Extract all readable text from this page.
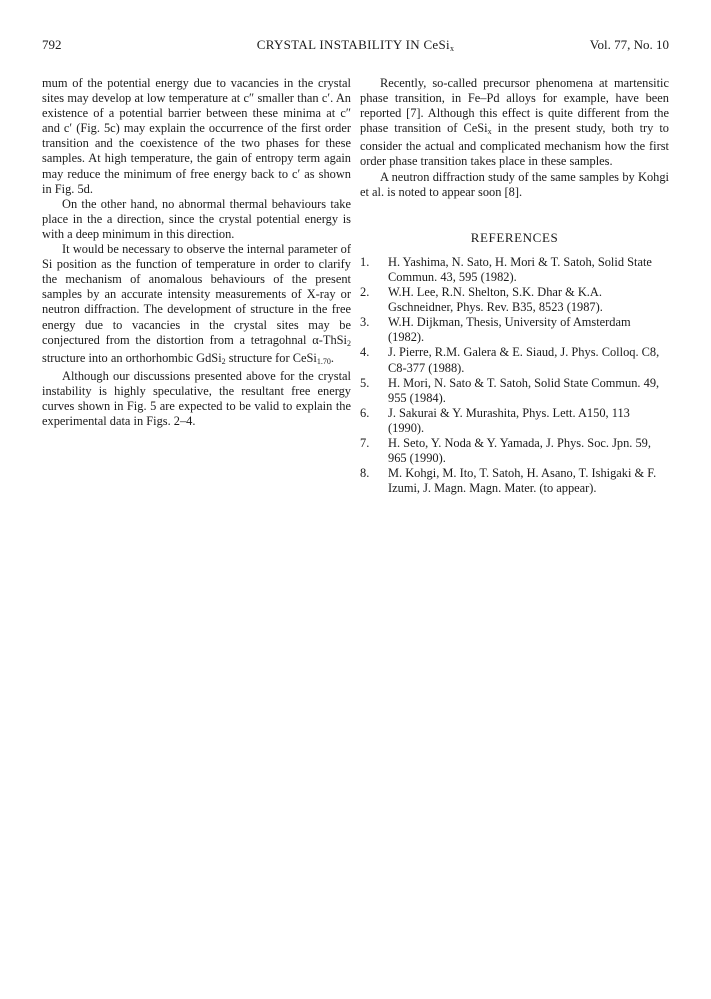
792	CRYSTAL INSTABILITY IN CeSi$_x$	Vol. 77, No. 10

mum of the potential energy due to vacancies in the crystal sites may develop at low temperature at c″ smaller than c′. An existence of a potential barrier between these minima at c″ and c′ (Fig. 5c) may explain the occurrence of the first order transition and the coexistence of the two phases for these samples. At high temperature, the gain of entropy term again may reduce the minimum of free energy back to c′ as shown in Fig. 5d.

On the other hand, no abnormal thermal behaviours take place in the a direction, since the crystal potential energy is with a deep minimum in this direction.

It would be necessary to observe the internal parameter of Si position as the function of temperature in order to clarify the mechanism of anomalous behaviours of the present samples by an accurate intensity measurements of X-ray or neutron diffraction. The development of structure in the free energy due to vacancies in the crystal sites may be conjectured from the distortion from a tetragohnal α-ThSi$_2$ structure into an orthorhombic GdSi$_2$ structure for CeSi$_{1.70}$.

Although our discussions presented above for the crystal instability is highly speculative, the resultant free energy curves shown in Fig. 5 are expected to be valid to explain the experimental data in Figs. 2–4.

Recently, so-called precursor phenomena at martensitic phase transition, in Fe–Pd alloys for example, have been reported [7]. Although this effect is quite different from the phase transition of CeSi$_x$ in the present study, both try to consider the actual and complicated mechanism how the first order phase transition takes place in these samples.

A neutron diffraction study of the same samples by Kohgi et al. is noted to appear soon [8].

REFERENCES
1.	H. Yashima, N. Sato, H. Mori & T. Satoh, Solid State Commun. 43, 595 (1982).
2.	W.H. Lee, R.N. Shelton, S.K. Dhar & K.A. Gschneidner, Phys. Rev. B35, 8523 (1987).
3.	W.H. Dijkman, Thesis, University of Amsterdam (1982).
4.	J. Pierre, R.M. Galera & E. Siaud, J. Phys. Colloq. C8, C8-377 (1988).
5.	H. Mori, N. Sato & T. Satoh, Solid State Commun. 49, 955 (1984).
6.	J. Sakurai & Y. Murashita, Phys. Lett. A150, 113 (1990).
7.	H. Seto, Y. Noda & Y. Yamada, J. Phys. Soc. Jpn. 59, 965 (1990).
8.	M. Kohgi, M. Ito, T. Satoh, H. Asano, T. Ishigaki & F. Izumi, J. Magn. Magn. Mater. (to appear).
